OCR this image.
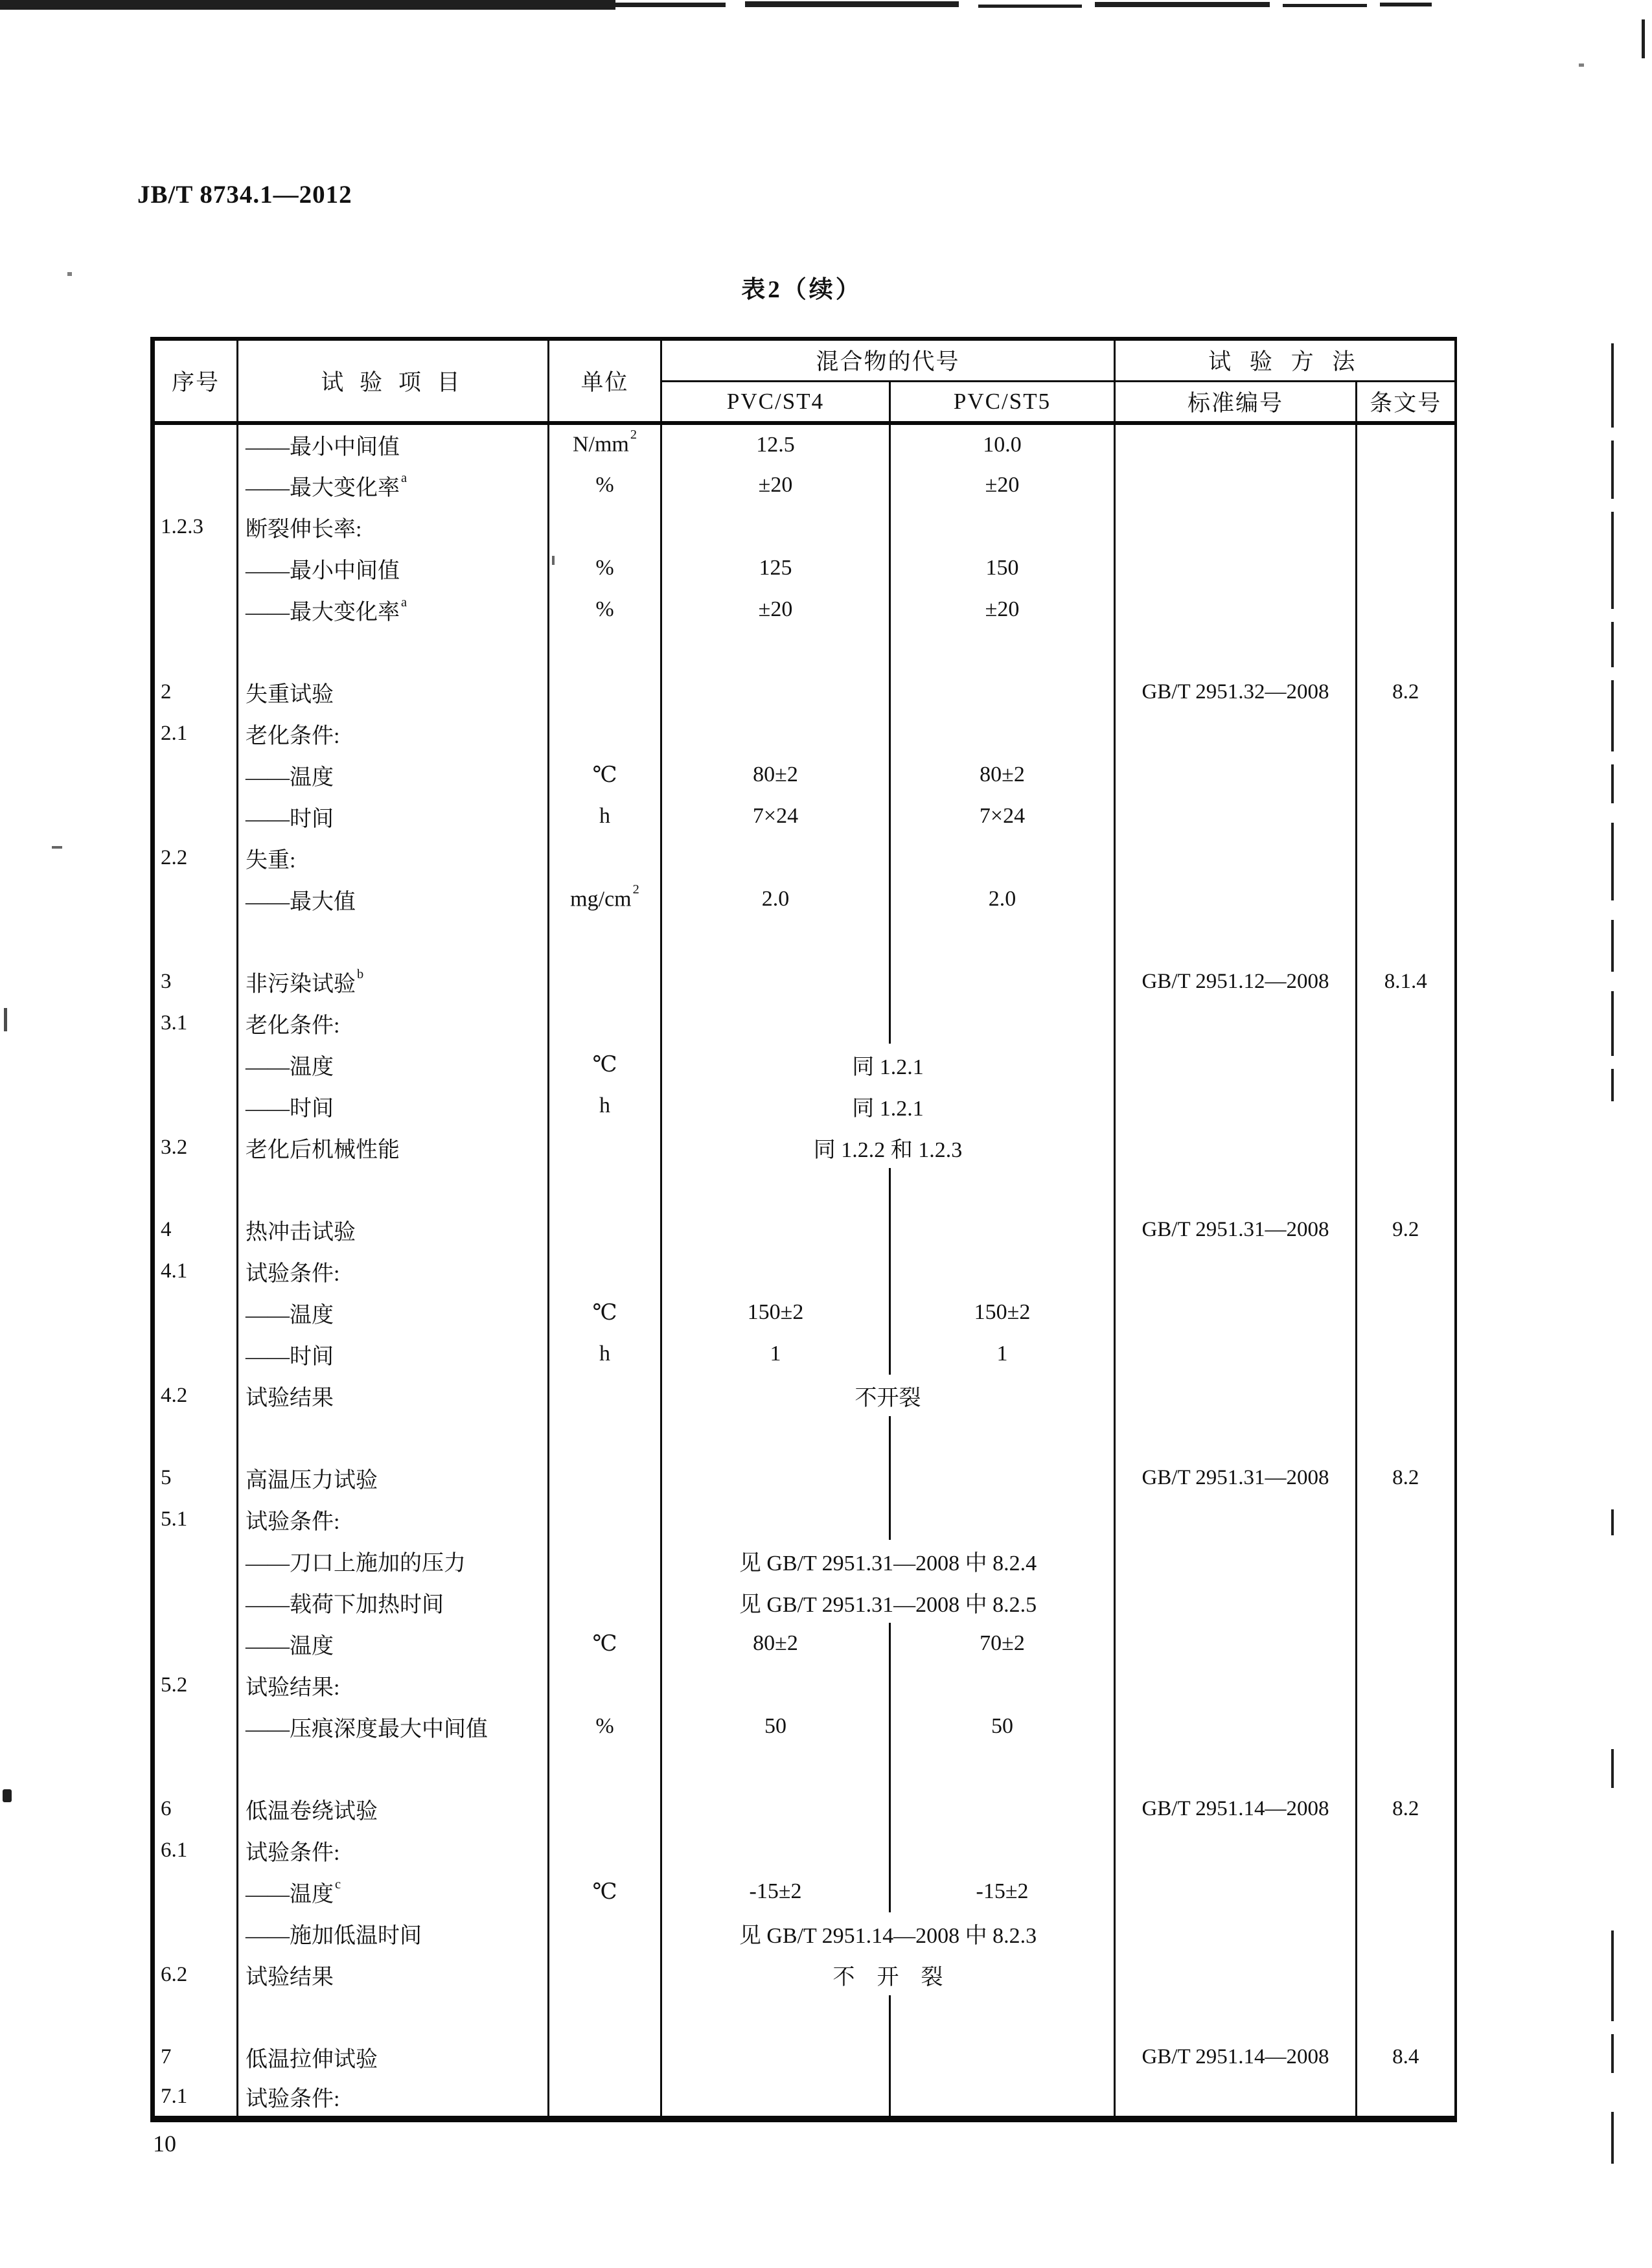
JB/T 8734.1—2012
表2（续）
序号	试 验 项 目	单位	混合物的代号		试 验 方 法	
			PVC/ST4	PVC/ST5	标准编号	条文号
	——最小中间值	$N/mm^2$	12.5	10.0		
	——最大变化率$^a$	%	±20	±20		
1.2.3	断裂伸长率:					
	——最小中间值	%	125	150		
	——最大变化率$^a$	%	±20	±20		

2	失重试验				GB/T 2951.32—2008	8.2
2.1	老化条件:					
	——温度	℃	80±2	80±2		
	——时间	h	7×24	7×24		
2.2	失重:					
	——最大值	$mg/cm^2$	2.0	2.0		

3	非污染试验$^b$				GB/T 2951.12—2008	8.1.4
3.1	老化条件:					
	——温度	℃	同 1.2.1			
	——时间	h	同 1.2.1			
3.2	老化后机械性能		同 1.2.2 和 1.2.3			

4	热冲击试验				GB/T 2951.31—2008	9.2
4.1	试验条件:					
	——温度	℃	150±2	150±2		
	——时间	h	1	1		
4.2	试验结果		不开裂			

5	高温压力试验				GB/T 2951.31—2008	8.2
5.1	试验条件:					
	——刀口上施加的压力		见 GB/T 2951.31—2008 中 8.2.4			
	——载荷下加热时间		见 GB/T 2951.31—2008 中 8.2.5			
	——温度	℃	80±2	70±2		
5.2	试验结果:					
	——压痕深度最大中间值	%	50	50		

6	低温卷绕试验				GB/T 2951.14—2008	8.2
6.1	试验条件:					
	——温度$^c$	℃	-15±2	-15±2		
	——施加低温时间		见 GB/T 2951.14—2008 中 8.2.3			
6.2	试验结果		不　开　裂			

7	低温拉伸试验				GB/T 2951.14—2008	8.4
7.1	试验条件:					
10
